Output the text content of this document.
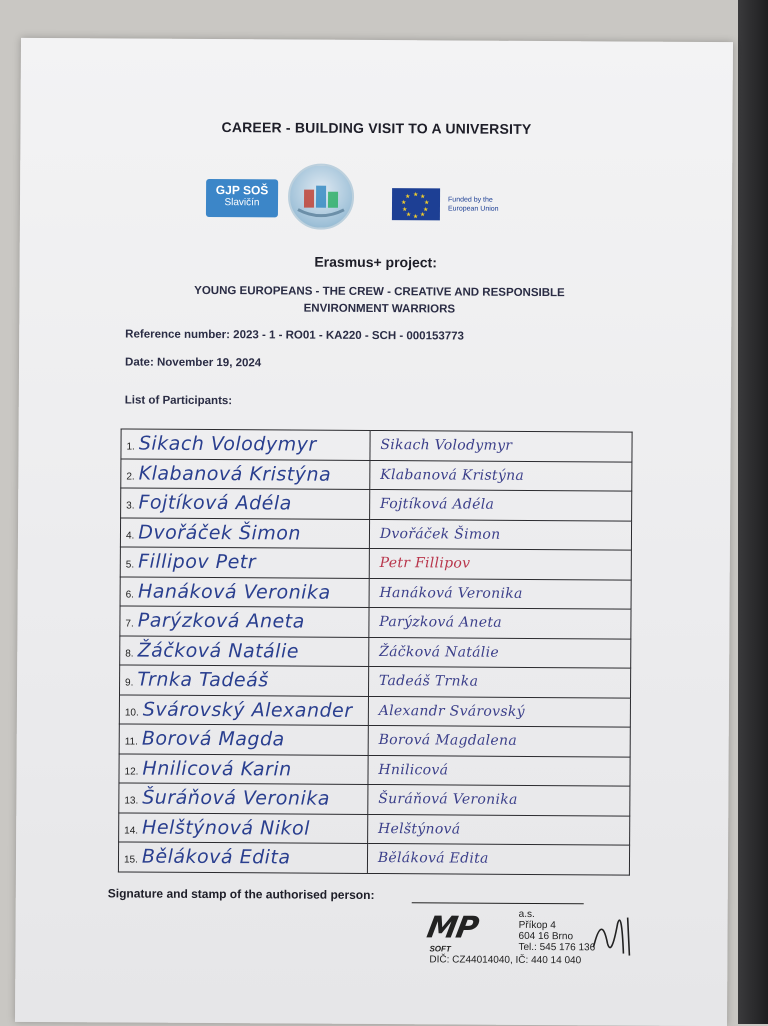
CAREER - BUILDING VISIT TO A UNIVERSITY
GJP SOŠ
Slavičín
★ ★
★
★
★
★
★
★
★
★	Funded by the
European Union
Erasmus+ project:
YOUNG EUROPEANS - THE CREW - CREATIVE AND RESPONSIBLE
ENVIRONMENT WARRIORS
Reference number: 2023 - 1 - RO01 - KA220 - SCH - 000153773
Date: November 19, 2024
List of Participants:
1. Sikach Volodymyr	Sikach Volodymyr
2. Klabanová Kristýna	Klabanová Kristýna
3. Fojtíková Adéla	Fojtíková Adéla
4. Dvořáček Šimon	Dvořáček Šimon
5. Fillipov Petr	Petr Fillipov
6. Hanáková Veronika	Hanáková Veronika
7. Parýzková Aneta	Parýzková Aneta
8. Žáčková Natálie	Žáčková Natálie
9. Trnka Tadeáš	Tadeáš Trnka
10. Svárovský Alexander	Alexandr Svárovský
11. Borová Magda	Borová Magdalena
12. Hnilicová Karin	Hnilicová
13. Šuráňová Veronika	Šuráňová Veronika
14. Helštýnová Nikol	Helštýnová
15. Běláková Edita	Běláková Edita
Signature and stamp of the authorised person:
MP
SOFT
a.s.
Příkop 4
604 16 Brno
Tel.: 545 176 136
DIČ: CZ44014040, IČ: 440 14 040
